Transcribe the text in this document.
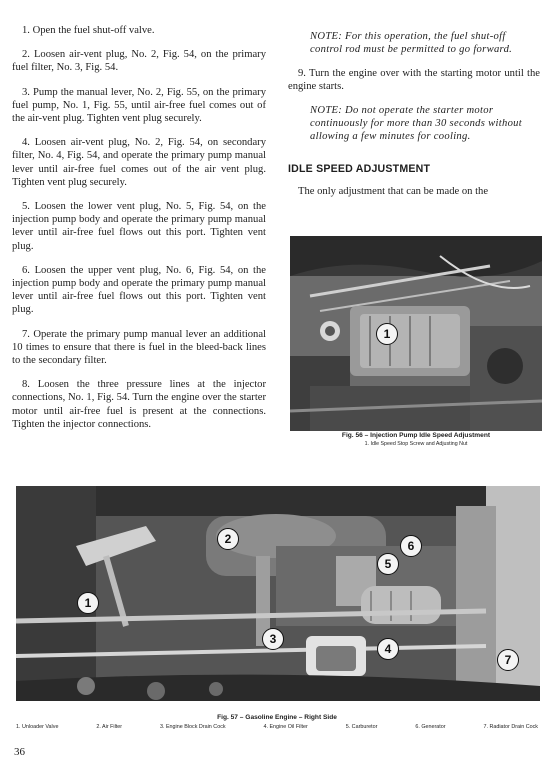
1. Open the fuel shut-off valve.

2. Loosen air-vent plug, No. 2, Fig. 54, on the primary fuel filter, No. 3, Fig. 54.

3. Pump the manual lever, No. 2, Fig. 55, on the primary fuel pump, No. 1, Fig. 55, until air-free fuel comes out of the air-vent plug. Tighten vent plug securely.

4. Loosen air-vent plug, No. 2, Fig. 54, on secondary filter, No. 4, Fig. 54, and operate the primary pump manual lever until air-free fuel comes out of the air vent plug. Tighten vent plug securely.

5. Loosen the lower vent plug, No. 5, Fig. 54, on the injection pump body and operate the primary pump manual lever until air-free fuel flows out this port. Tighten vent plug.

6. Loosen the upper vent plug, No. 6, Fig. 54, on the injection pump body and operate the primary pump manual lever until air-free fuel flows out this port. Tighten vent plug.

7. Operate the primary pump manual lever an additional 10 times to ensure that there is fuel in the bleed-back lines to the secondary filter.

8. Loosen the three pressure lines at the injector connections, No. 1, Fig. 54. Turn the engine over the starter motor until air-free fuel is present at the connections. Tighten the injector connections.

NOTE: For this operation, the fuel shut-off control rod must be permitted to go forward.

9. Turn the engine over with the starting motor until the engine starts.

NOTE: Do not operate the starter motor continuously for more than 30 seconds without allowing a few minutes for cooling.

IDLE SPEED ADJUSTMENT

The only adjustment that can be made on the

1

Fig. 56 – Injection Pump Idle Speed Adjustment

1. Idle Speed Stop Screw and Adjusting Nut

1
2
3
4
5
6
7

Fig. 57 – Gasoline Engine – Right Side

1. Unloader Valve	2. Air Filter	3. Engine Block Drain Cock	4. Engine Oil Filter	5. Carburetor	6. Generator	7. Radiator Drain Cock
36
